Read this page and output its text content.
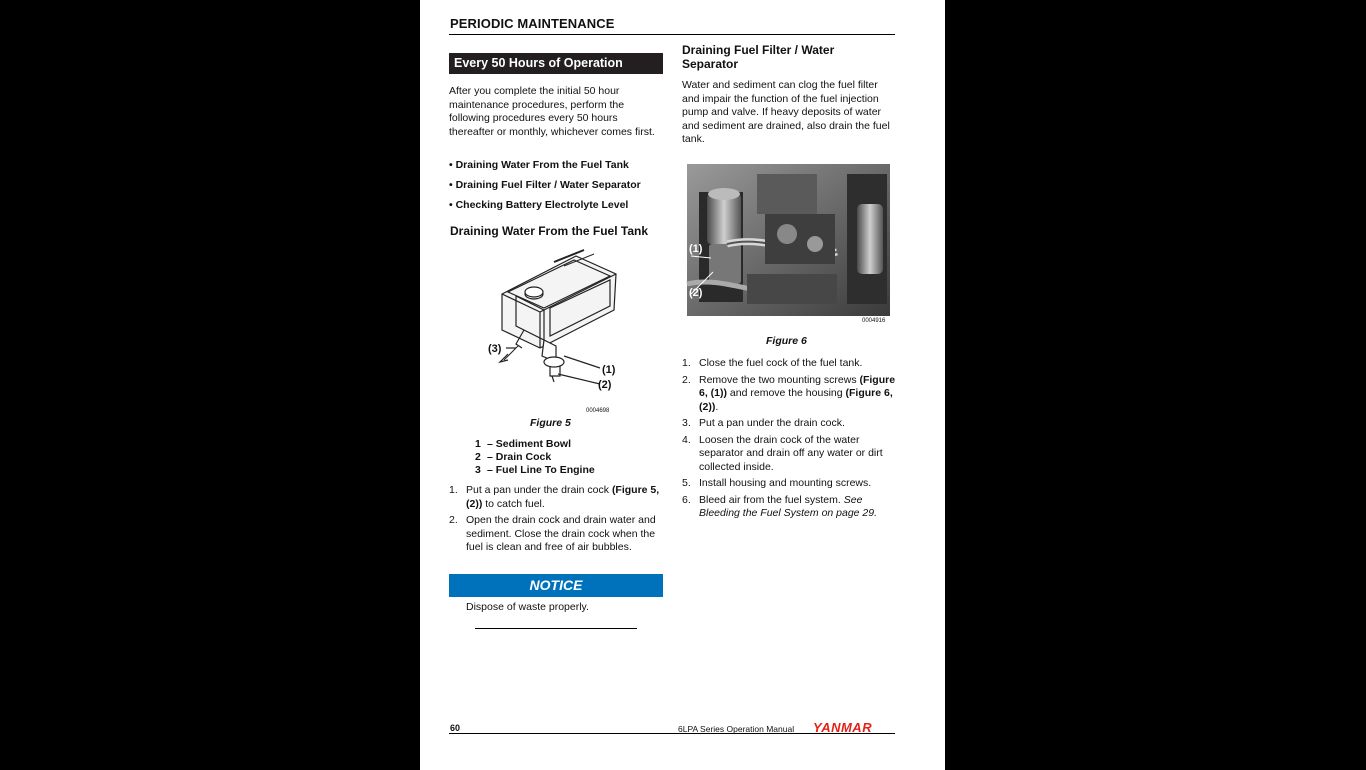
PERIODIC MAINTENANCE
Every 50 Hours of Operation
After you complete the initial 50 hour maintenance procedures, perform the following procedures every 50 hours thereafter or monthly, whichever comes first.
• Draining Water From the Fuel Tank
• Draining Fuel Filter / Water Separator
• Checking Battery Electrolyte Level
Draining Water From the Fuel Tank
(1)
(2)
(3)
0004698
Figure 5
1 – Sediment Bowl
2 – Drain Cock
3 – Fuel Line To Engine
1. Put a pan under the drain cock (Figure 5, (2)) to catch fuel.
2. Open the drain cock and drain water and sediment. Close the drain cock when the fuel is clean and free of air bubbles.
NOTICE
Dispose of waste properly.
Draining Fuel Filter / Water Separator
Water and sediment can clog the fuel filter and impair the function of the fuel injection pump and valve. If heavy deposits of water and sediment are drained, also drain the fuel tank.
(1)
(2)
0004916
Figure 6
1. Close the fuel cock of the fuel tank.
2. Remove the two mounting screws (Figure 6, (1)) and remove the housing (Figure 6, (2)).
3. Put a pan under the drain cock.
4. Loosen the drain cock of the water separator and drain off any water or dirt collected inside.
5. Install housing and mounting screws.
6. Bleed air from the fuel system. See Bleeding the Fuel System on page 29.
60	6LPA Series Operation Manual YANMAR
